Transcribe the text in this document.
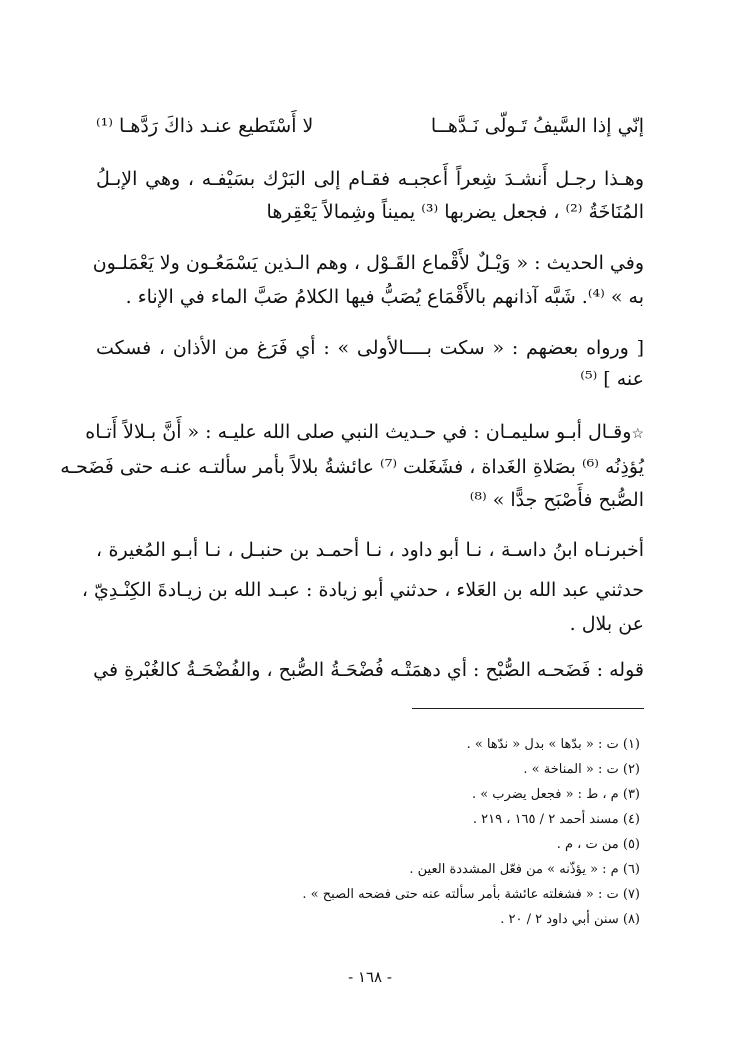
إنّي إذا السَّيفُ تَـولّى نَـدَّهــا
لا أَسْتَطيع عنـد ذاكَ رَدَّهـا ⁽¹⁾
وهـذا رجـل أَنشـدَ شِعراً أَعجبـه فقـام إلى البَرْك بسَيْفـه ، وهي الإبـلُ
المُنَاخَةُ ⁽²⁾ ، فجعل يضربها ⁽³⁾ يميناً وشِمالاً يَعْقِرها
وفي الحديث : « وَيْـلٌ لأَقْماع القَـوْل ، وهم الـذين يَسْمَعُـون ولا يَعْمَلـون
به » ⁽⁴⁾. شَبَّه آذانهم بالأَقْمَاع يُصَبُّ فيها الكلامُ صَبَّ الماء في الإناء .
[ ورواه بعضهم : « سكت بــــالأولى » : أي فَرَغ من الأذان ، فسكت
عنه ] ⁽⁵⁾
☆وقـال أبـو سليمـان : في حـديث النبي صلى الله عليـه : « أَنَّ بـلالاً أَتـاه
يُؤذِنُه ⁽⁶⁾ بصَلاةِ الغَداة ، فشَغَلت ⁽⁷⁾ عائشةُ بلالاً بأمر سألتـه عنـه حتى فَضَحـه
الصُّبح فأَصْبَح جدًّا » ⁽⁸⁾
أخبرنـاه ابنُ داسـة ، نـا أبو داود ، نـا أحمـد بن حنبـل ، نـا أبـو المُغيرة ،
حدثني عبد الله بن العَلاء ، حدثني أبو زيادة : عبـد الله بن زيـادةَ الكِنْـدِيّ ،
عن بلال .
قوله : فَضَحـه الصُّبْح : أي دهمَتْـه فُضْحَـةُ الصُّبح ، والفُضْحَـةُ كالغُبْرةِ في
(١) ت : « بدّها » بدل « ندّها » .
(٢) ت : « المناخة » .
(٣) م ، ط : « فجعل يضرب » .
(٤) مسند أحمد ٢ / ١٦٥ ، ٢١٩ .
(٥) من ت ، م .
(٦) م : « يؤذّنه » من فعّل المشددة العين .
(٧) ت : « فشغلته عائشة بأمر سألته عنه حتى فضحه الصبح » .
(٨) سنن أبي داود ٢ / ٢٠ .
- ١٦٨ -
